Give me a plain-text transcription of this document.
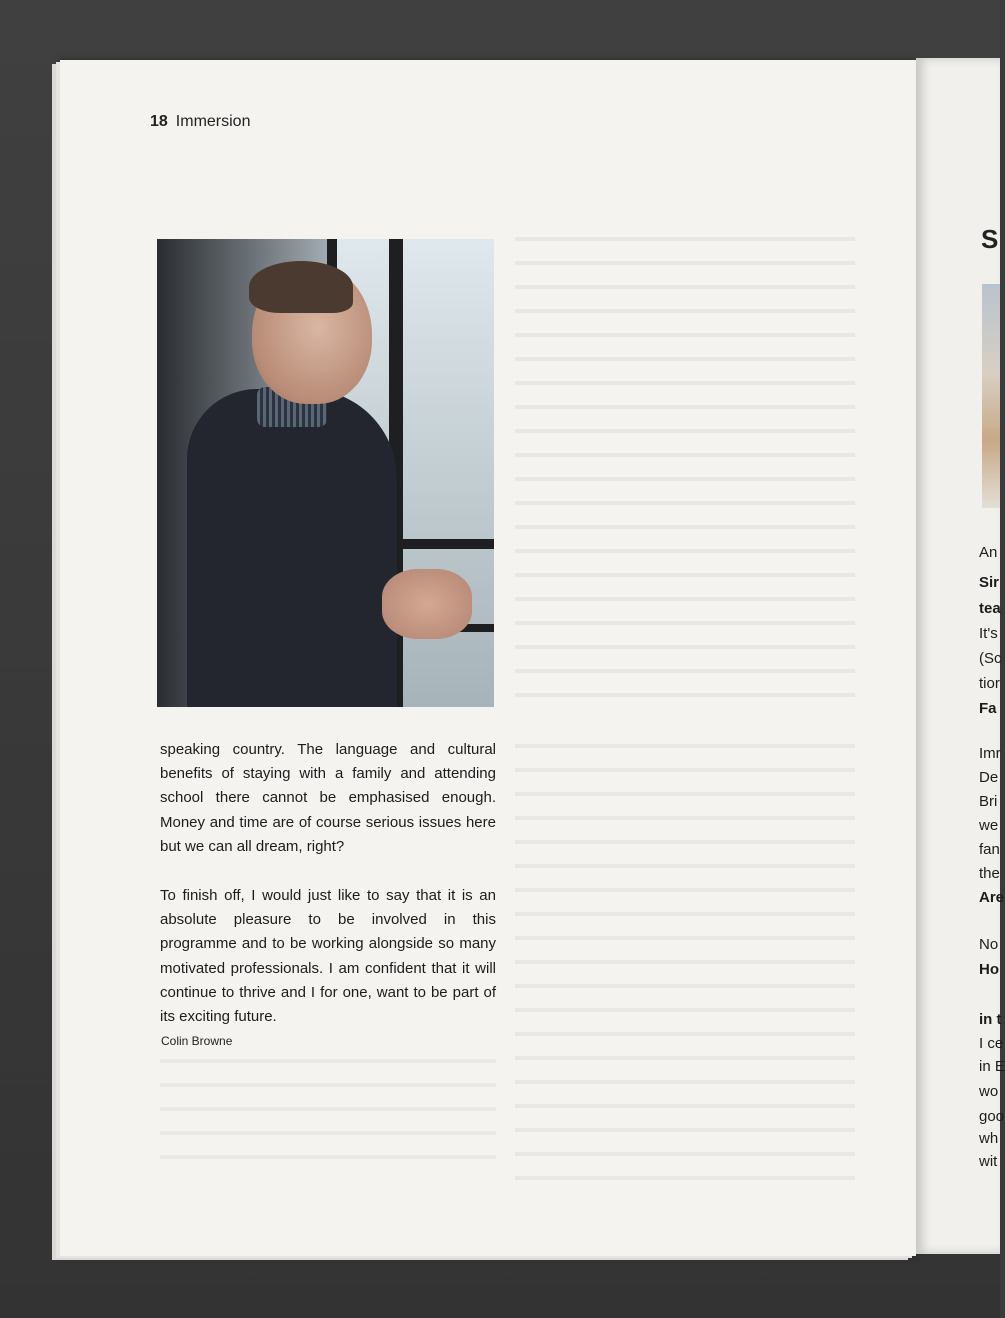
18 Immersion

speaking country. The language and cultural benefits of staying with a family and attending school there cannot be emphasised enough. Money and time are of course serious issues here but we can all dream, right?

To finish off, I would just like to say that it is an absolute pleasure to be involved in this programme and to be working alongside so many motivated professionals. I am confident that it will continue to thrive and I for one, want to be part of its exciting future.

Colin Browne
S
An
Sir
tea
It's
(Sc
tior
Fa
Imr
De
Bri
we
fan
the
Are
No
Ho
in t
I ce
in E
wo
goo
wh
wit
